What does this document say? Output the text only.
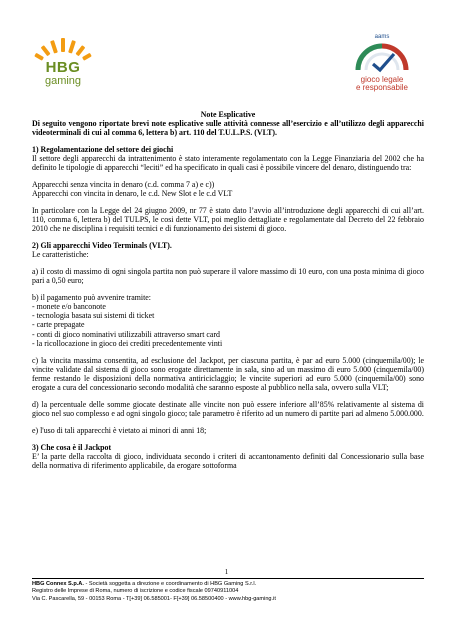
HBG
gaming
aams
gioco legale
e responsabile

Note Esplicative

Di seguito vengono riportate brevi note esplicative sulle attività connesse all’esercizio e all’utilizzo degli apparecchi videoterminali di cui al comma 6, lettera b) art. 110 del T.U.L.P.S. (VLT).

1) Regolamentazione del settore dei giochi

Il settore degli apparecchi da intrattenimento è stato interamente regolamentato con la Legge Finanziaria del 2002 che ha definito le tipologie di apparecchi “leciti” ed ha specificato in quali casi è possibile vincere del denaro, distinguendo tra:

Apparecchi senza vincita in denaro (c.d. comma 7 a) e c))

Apparecchi con vincita in denaro, le c.d. New Slot e le c.d VLT

In particolare con la Legge del 24 giugno 2009, nr 77 è stato dato l’avvio all’introduzione degli apparecchi di cui all’art. 110, comma 6, lettera b) del TULPS, le cosi dette VLT, poi meglio dettagliate e regolamentate dal Decreto del 22 febbraio 2010 che ne disciplina i requisiti tecnici e di funzionamento dei sistemi di gioco.

2) Gli apparecchi Video Terminals (VLT).

Le caratteristiche:

a) il costo di massimo di ogni singola partita non può superare il valore massimo di 10 euro, con una posta minima di gioco pari a 0,50 euro;

b) il pagamento può avvenire tramite:

- monete e/o banconote

- tecnologia basata sui sistemi di ticket

- carte prepagate

- conti di gioco nominativi utilizzabili attraverso smart card

- la ricollocazione in gioco dei crediti precedentemente vinti

c) la vincita massima consentita, ad esclusione del Jackpot, per ciascuna partita, è par ad euro 5.000 (cinquemila/00); le vincite validate dal sistema di gioco sono erogate direttamente in sala, sino ad un massimo di euro 5.000 (cinquemila/00) ferme restando le disposizioni della normativa antiriciclaggio; le vincite superiori ad euro 5.000 (cinquemila/00) sono erogate a cura del concessionario secondo modalità che saranno esposte al pubblico nella sala, ovvero sulla VLT;

d) la percentuale delle somme giocate destinate alle vincite non può essere inferiore all’85% relativamente al sistema di gioco nel suo complesso e ad ogni singolo gioco; tale parametro è riferito ad un numero di partite pari ad almeno 5.000.000.

e) l'uso di tali apparecchi è vietato ai minori di anni 18;

3) Che cosa è il Jackpot

E’ la parte della raccolta di gioco, individuata secondo i criteri di accantonamento definiti dal Concessionario sulla base della normativa di riferimento applicabile, da erogare sottoforma

1
HBG Connex S.p.A. - Società soggetta a direzione e coordinamento di HBG Gaming S.r.l.
Registro delle Imprese di Roma, numero di iscrizione e codice fiscale 09740911004
Via C. Pascarella, 59 - 00153 Roma - T[+39] 06.585001- F[+39] 06.58500400 - www.hbg-gaming.it
